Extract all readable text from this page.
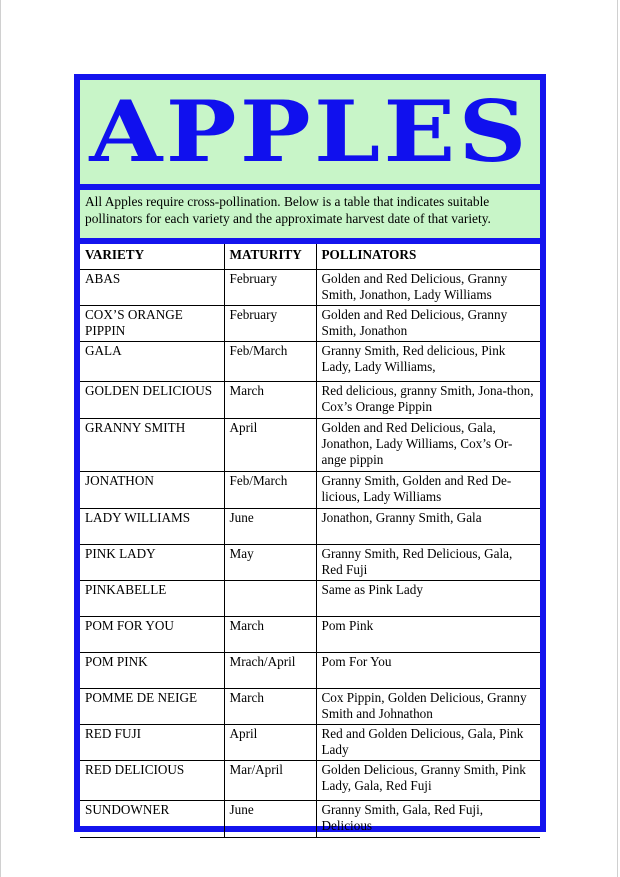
APPLES
All Apples require cross-pollination. Below is a table that indicates suitable pollinators for each variety and the approximate harvest date of that variety.
VARIETY	MATURITY	POLLINATORS
ABAS	February	Golden and Red Delicious, Granny Smith, Jonathon, Lady Williams
COX’S ORANGE PIPPIN	February	Golden and Red Delicious, Granny Smith, Jonathon
GALA	Feb/March	Granny Smith, Red delicious, Pink Lady, Lady Williams,
GOLDEN DELICIOUS	March	Red delicious, granny Smith, Jona-thon, Cox’s Orange Pippin
GRANNY SMITH	April	Golden and Red Delicious, Gala, Jonathon, Lady Williams, Cox’s Or-ange pippin
JONATHON	Feb/March	Granny Smith, Golden and Red De-licious, Lady Williams
LADY WILLIAMS	June	Jonathon, Granny Smith, Gala
PINK LADY	May	Granny Smith, Red Delicious, Gala, Red Fuji
PINKABELLE		Same as Pink Lady
POM FOR YOU	March	Pom Pink
POM PINK	Mrach/April	Pom For You
POMME DE NEIGE	March	Cox Pippin, Golden Delicious, Granny Smith and Johnathon
RED FUJI	April	Red and Golden Delicious, Gala, Pink Lady
RED DELICIOUS	Mar/April	Golden Delicious, Granny Smith, Pink Lady, Gala, Red Fuji
SUNDOWNER	June	Granny Smith, Gala, Red Fuji, Delicious
